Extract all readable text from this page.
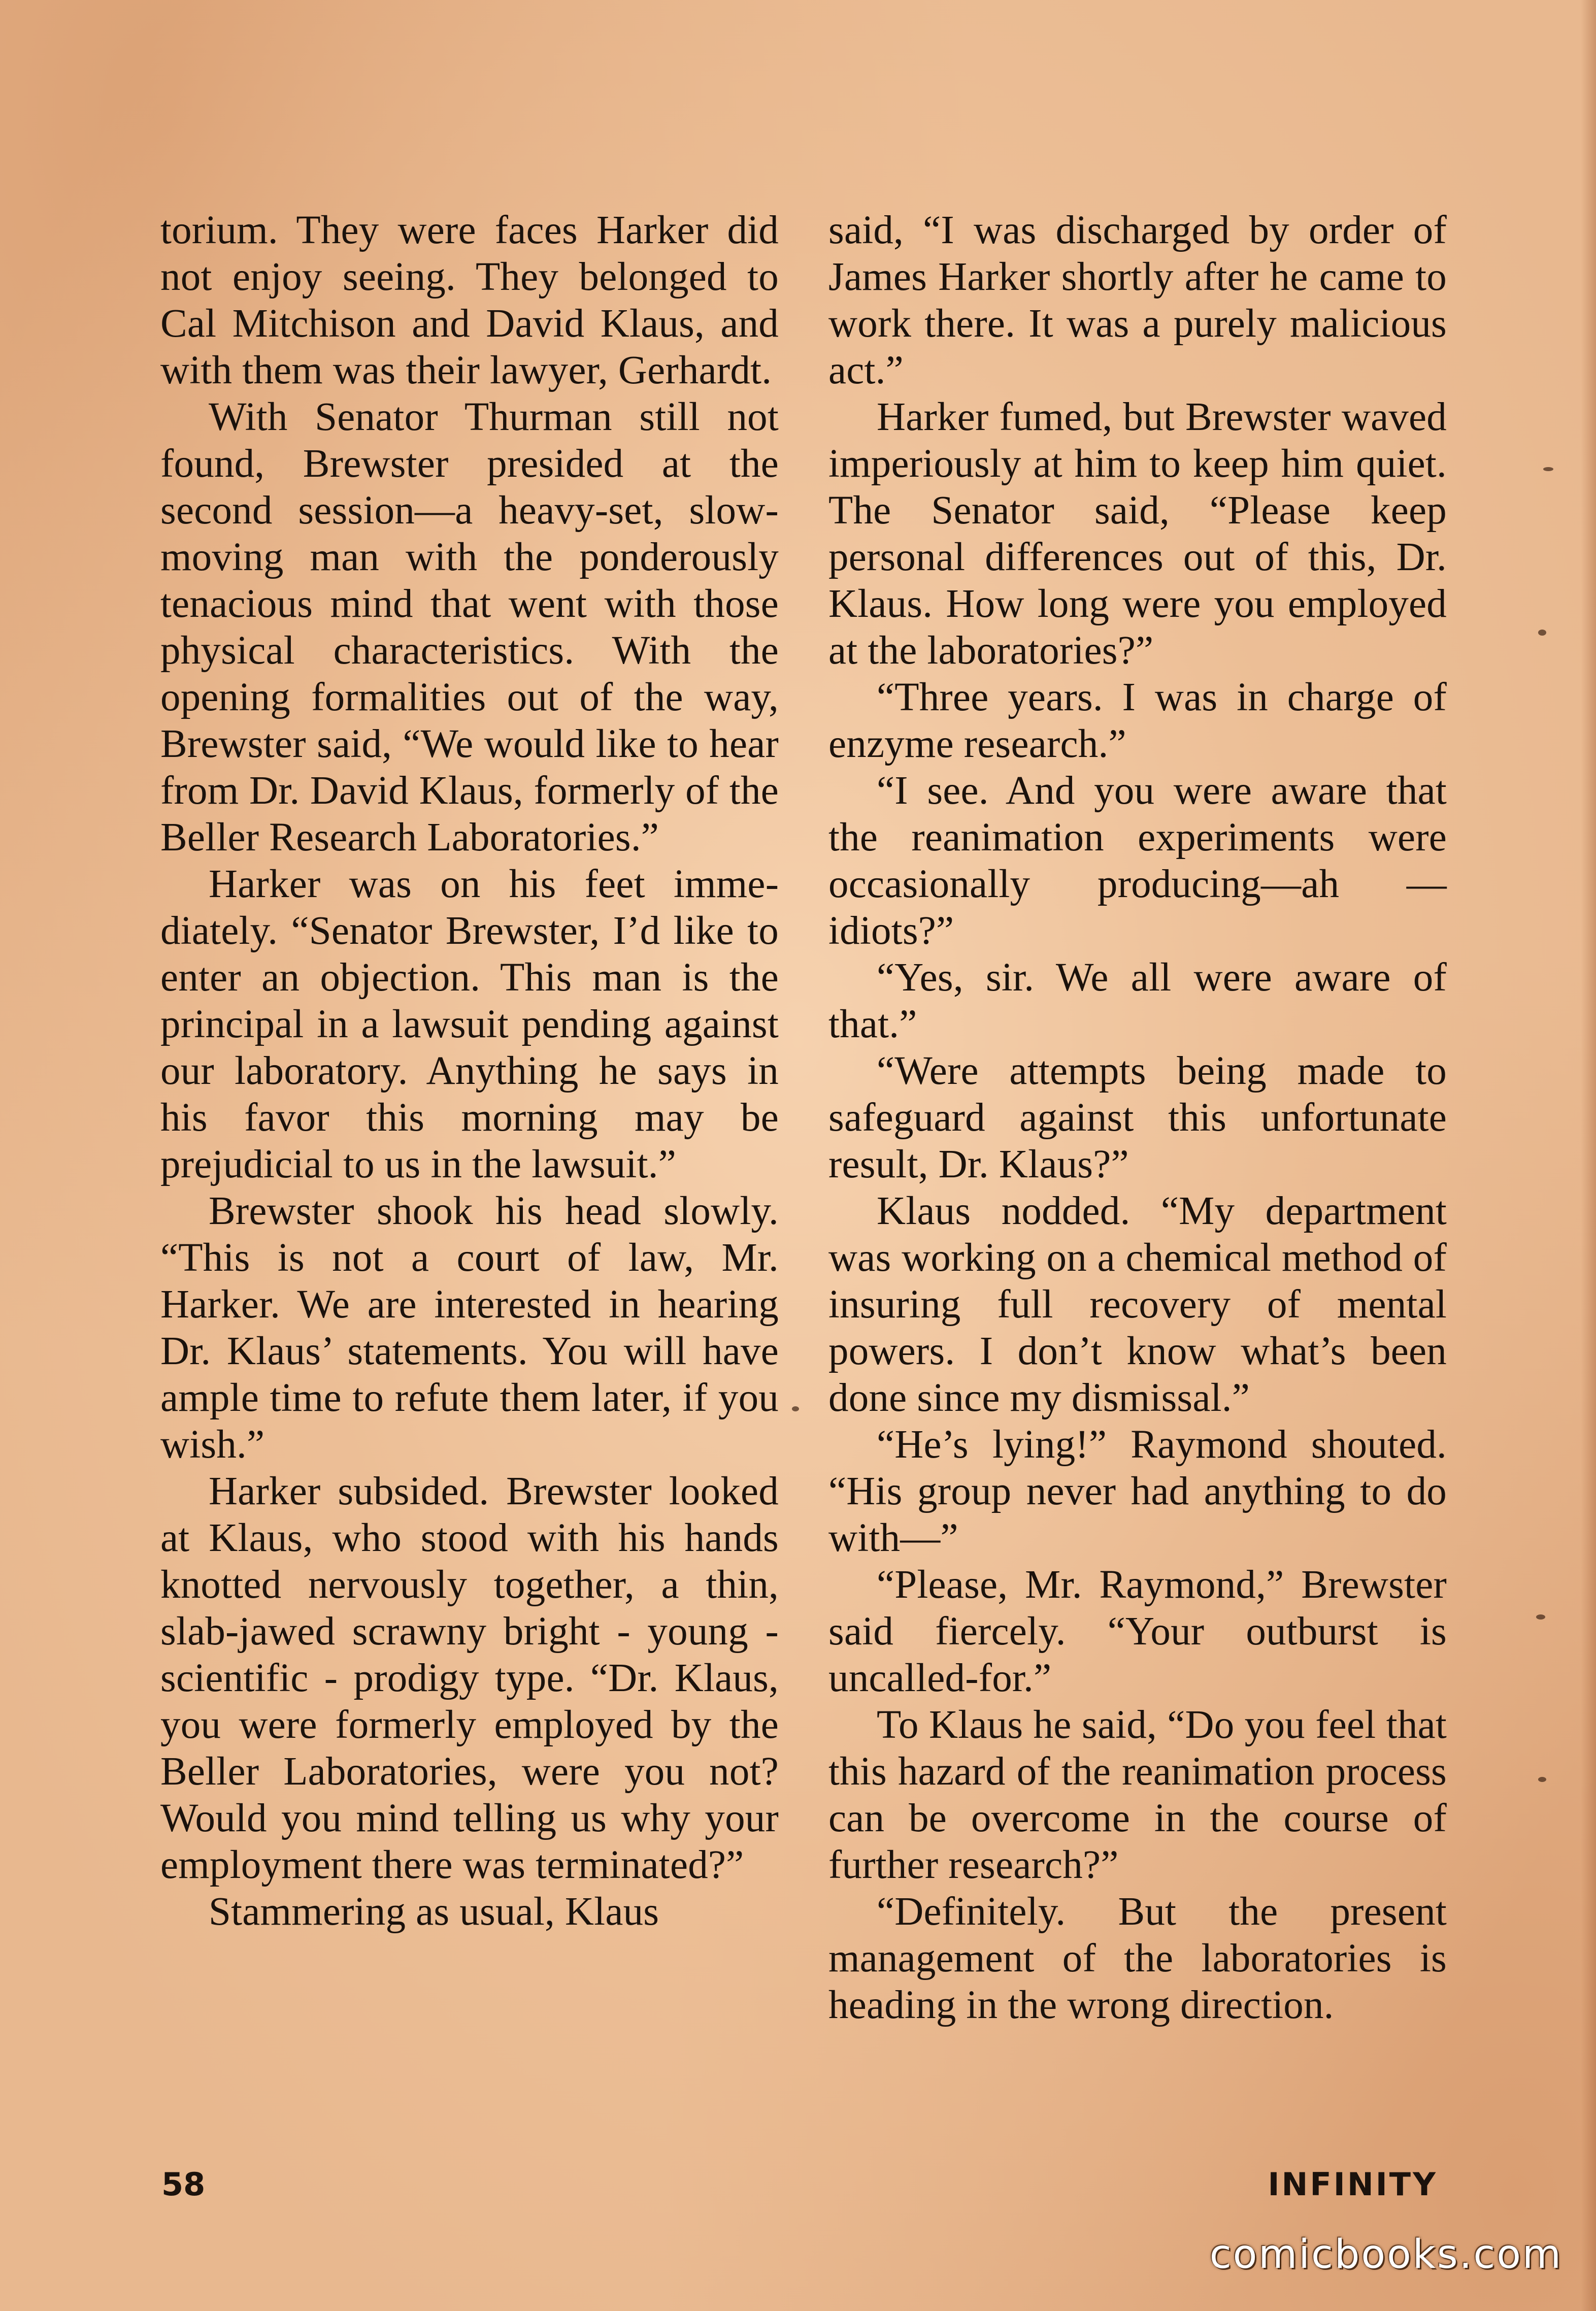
torium. They were faces Harker did not enjoy seeing. They belonged to Cal Mitchison and David Klaus, and with them was their lawyer, Gerhardt.

With Senator Thurman still not found, Brewster presided at the second session—a heavy-set, slow-moving man with the ponderously tenacious mind that went with those physical characteristics. With the opening formalities out of the way, Brewster said, “We would like to hear from Dr. David Klaus, formerly of the Beller Research Laboratories.”

Harker was on his feet immediately. “Senator Brewster, I’d like to enter an objection. This man is the principal in a lawsuit pending against our laboratory. Anything he says in his favor this morning may be prejudicial to us in the lawsuit.”

Brewster shook his head slowly. “This is not a court of law, Mr. Harker. We are interested in hearing Dr. Klaus’ statements. You will have ample time to refute them later, if you wish.”

Harker subsided. Brewster looked at Klaus, who stood with his hands knotted nervously together, a thin, slab-jawed scrawny bright - young - scientific - prodigy type. “Dr. Klaus, you were formerly employed by the Beller Laboratories, were you not? Would you mind telling us why your employment there was terminated?”

Stammering as usual, Klaus

said, “I was discharged by order of James Harker shortly after he came to work there. It was a purely malicious act.”

Harker fumed, but Brewster waved imperiously at him to keep him quiet. The Senator said, “Please keep personal differences out of this, Dr. Klaus. How long were you employed at the laboratories?”

“Three years. I was in charge of enzyme research.”

“I see. And you were aware that the reanimation experiments were occasionally producing—ah —idiots?”

“Yes, sir. We all were aware of that.”

“Were attempts being made to safeguard against this unfortunate result, Dr. Klaus?”

Klaus nodded. “My department was working on a chemical method of insuring full recovery of mental powers. I don’t know what’s been done since my dismissal.”

“He’s lying!” Raymond shouted. “His group never had anything to do with—”

“Please, Mr. Raymond,” Brewster said fiercely. “Your outburst is uncalled-for.”

To Klaus he said, “Do you feel that this hazard of the reanimation process can be overcome in the course of further research?”

“Definitely. But the present management of the laboratories is heading in the wrong direction.

58	INFINITY
comicbooks.com
